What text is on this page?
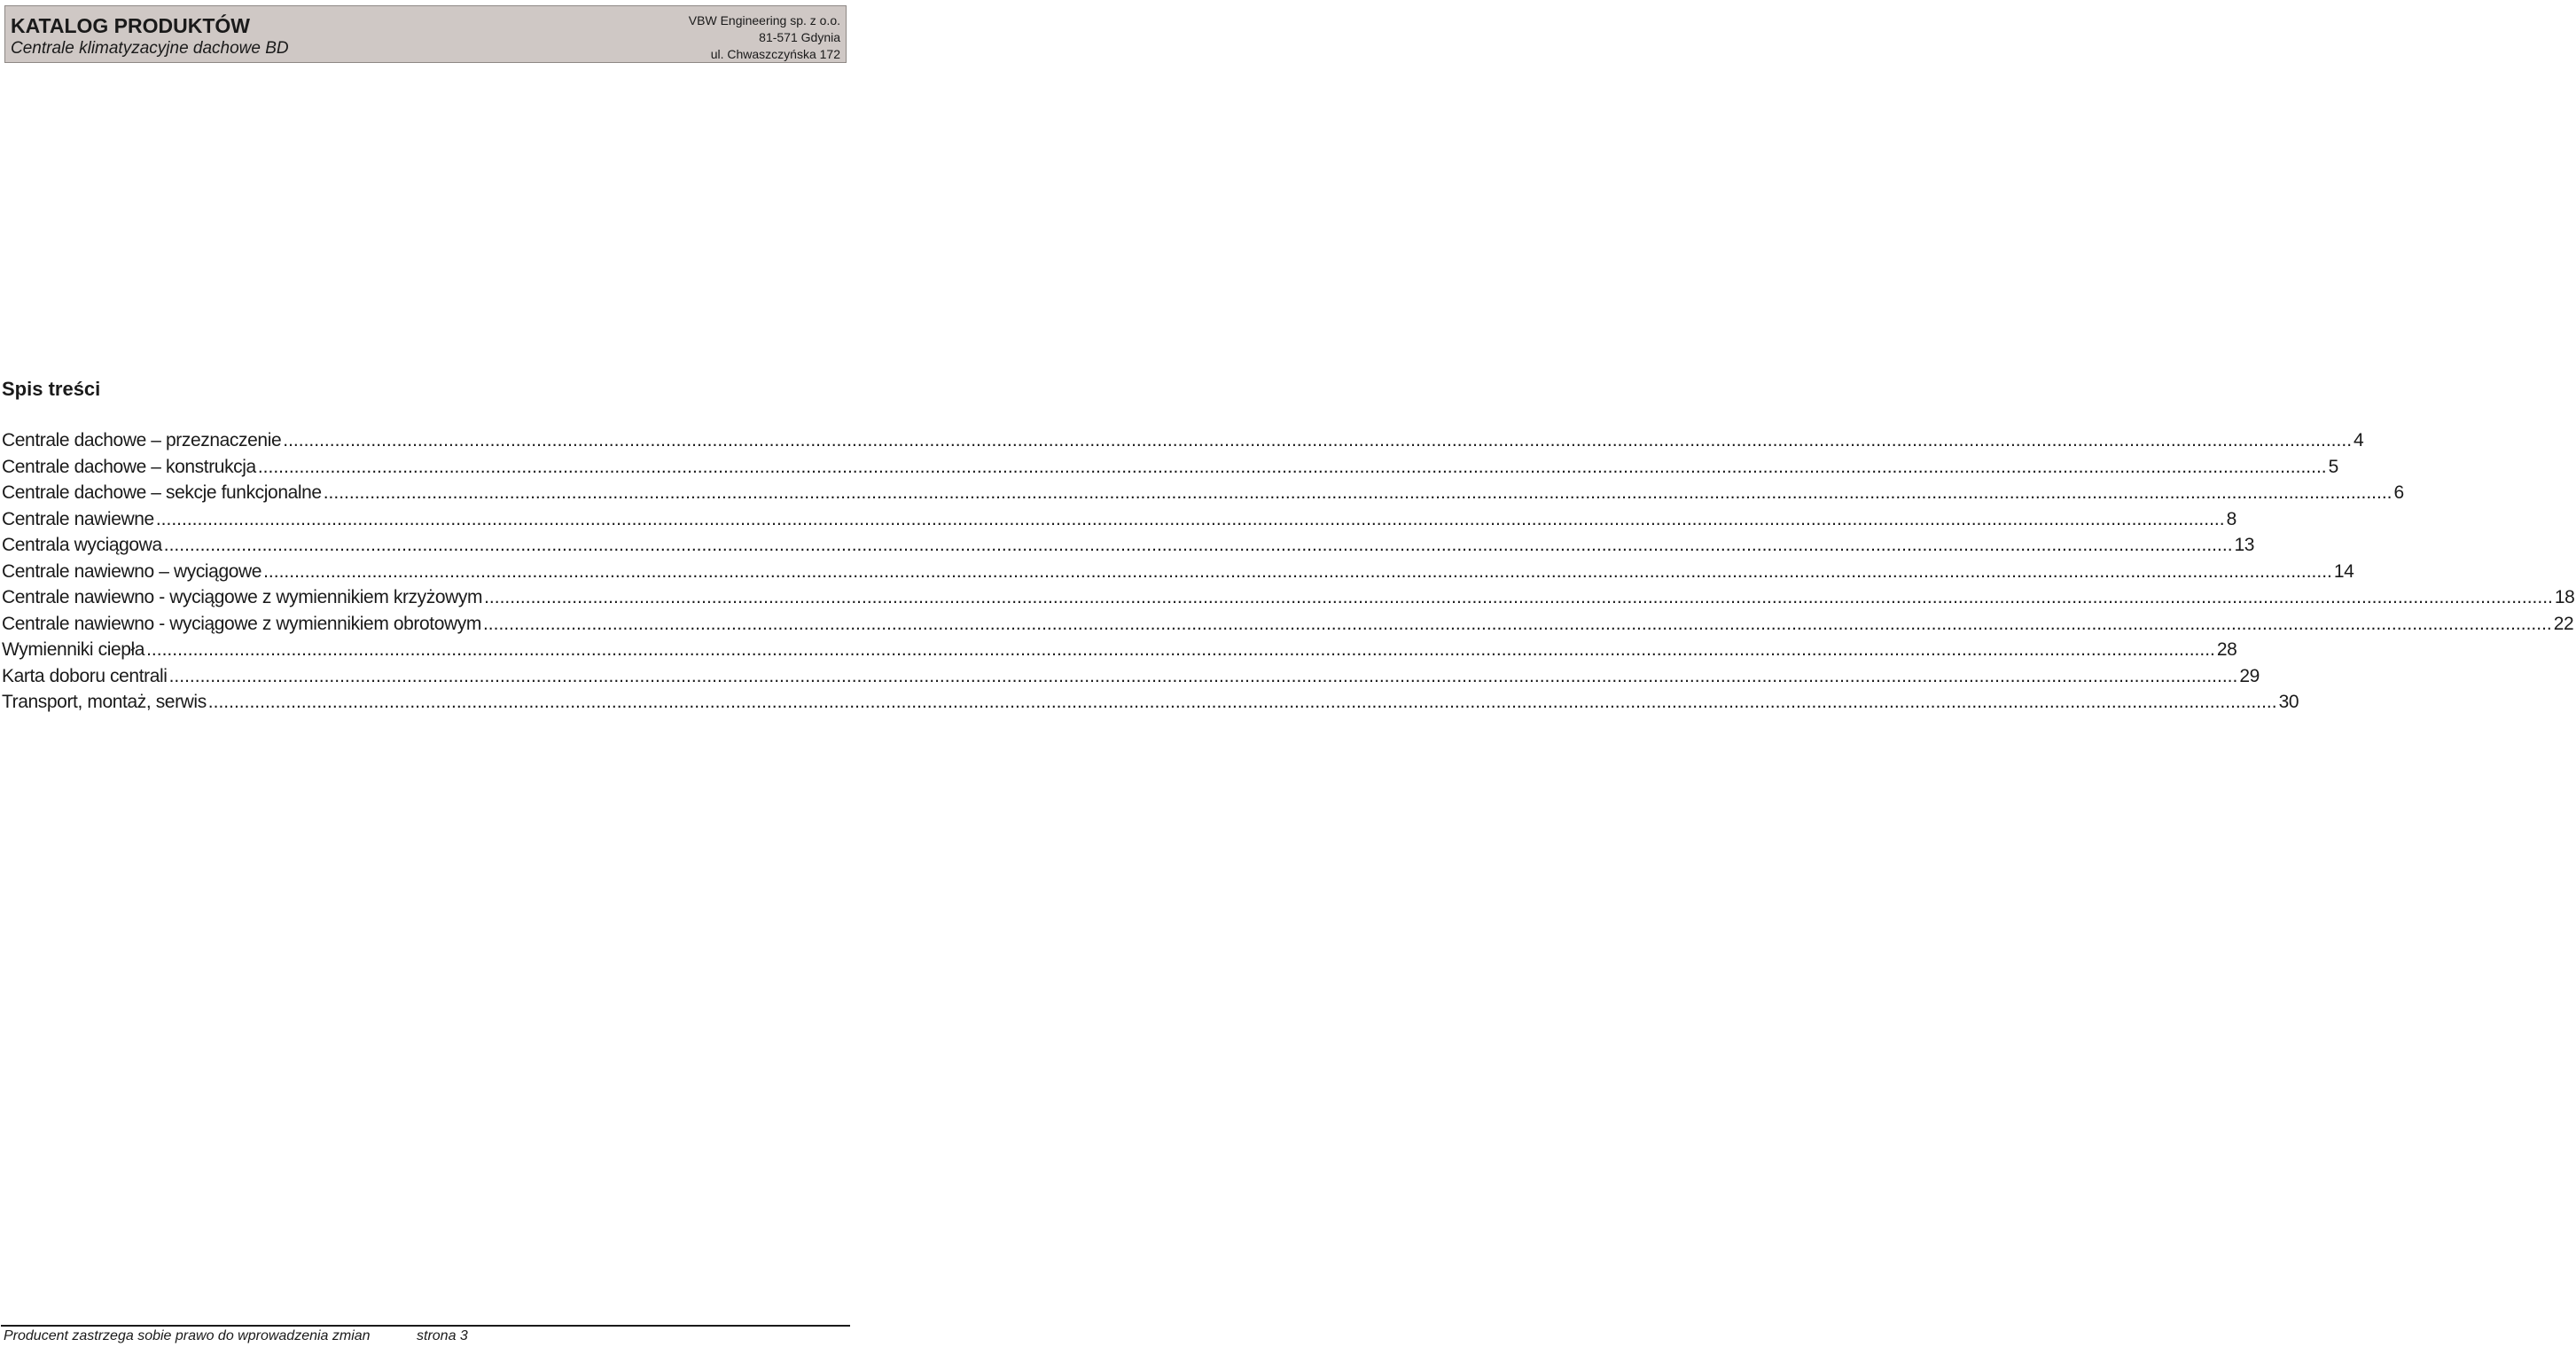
KATALOG PRODUKTÓW
Centrale klimatyzacyjne dachowe BD
VBW Engineering sp. z o.o.
81-571 Gdynia
ul. Chwaszczyńska 172
Spis treści
Centrale dachowe – przeznaczenie ................................................................................................................................................................................................................................................................................................................................................................................................................ 4
Centrale dachowe – konstrukcja ................................................................................................................................................................................................................................................................................................................................................................................................................ 5
Centrale dachowe – sekcje funkcjonalne ................................................................................................................................................................................................................................................................................................................................................................................................................ 6
Centrale nawiewne ................................................................................................................................................................................................................................................................................................................................................................................................................ 8
Centrala wyciągowa ................................................................................................................................................................................................................................................................................................................................................................................................................ 13
Centrale nawiewno – wyciągowe ................................................................................................................................................................................................................................................................................................................................................................................................................ 14
Centrale nawiewno - wyciągowe z wymiennikiem krzyżowym ................................................................................................................................................................................................................................................................................................................................................................................................................ 18
Centrale nawiewno - wyciągowe z wymiennikiem obrotowym ................................................................................................................................................................................................................................................................................................................................................................................................................ 22
Wymienniki ciepła ................................................................................................................................................................................................................................................................................................................................................................................................................ 28
Karta doboru centrali ................................................................................................................................................................................................................................................................................................................................................................................................................ 29
Transport, montaż, serwis ................................................................................................................................................................................................................................................................................................................................................................................................................ 30
Producent zastrzega sobie prawo do wprowadzenia zmian	strona 3
